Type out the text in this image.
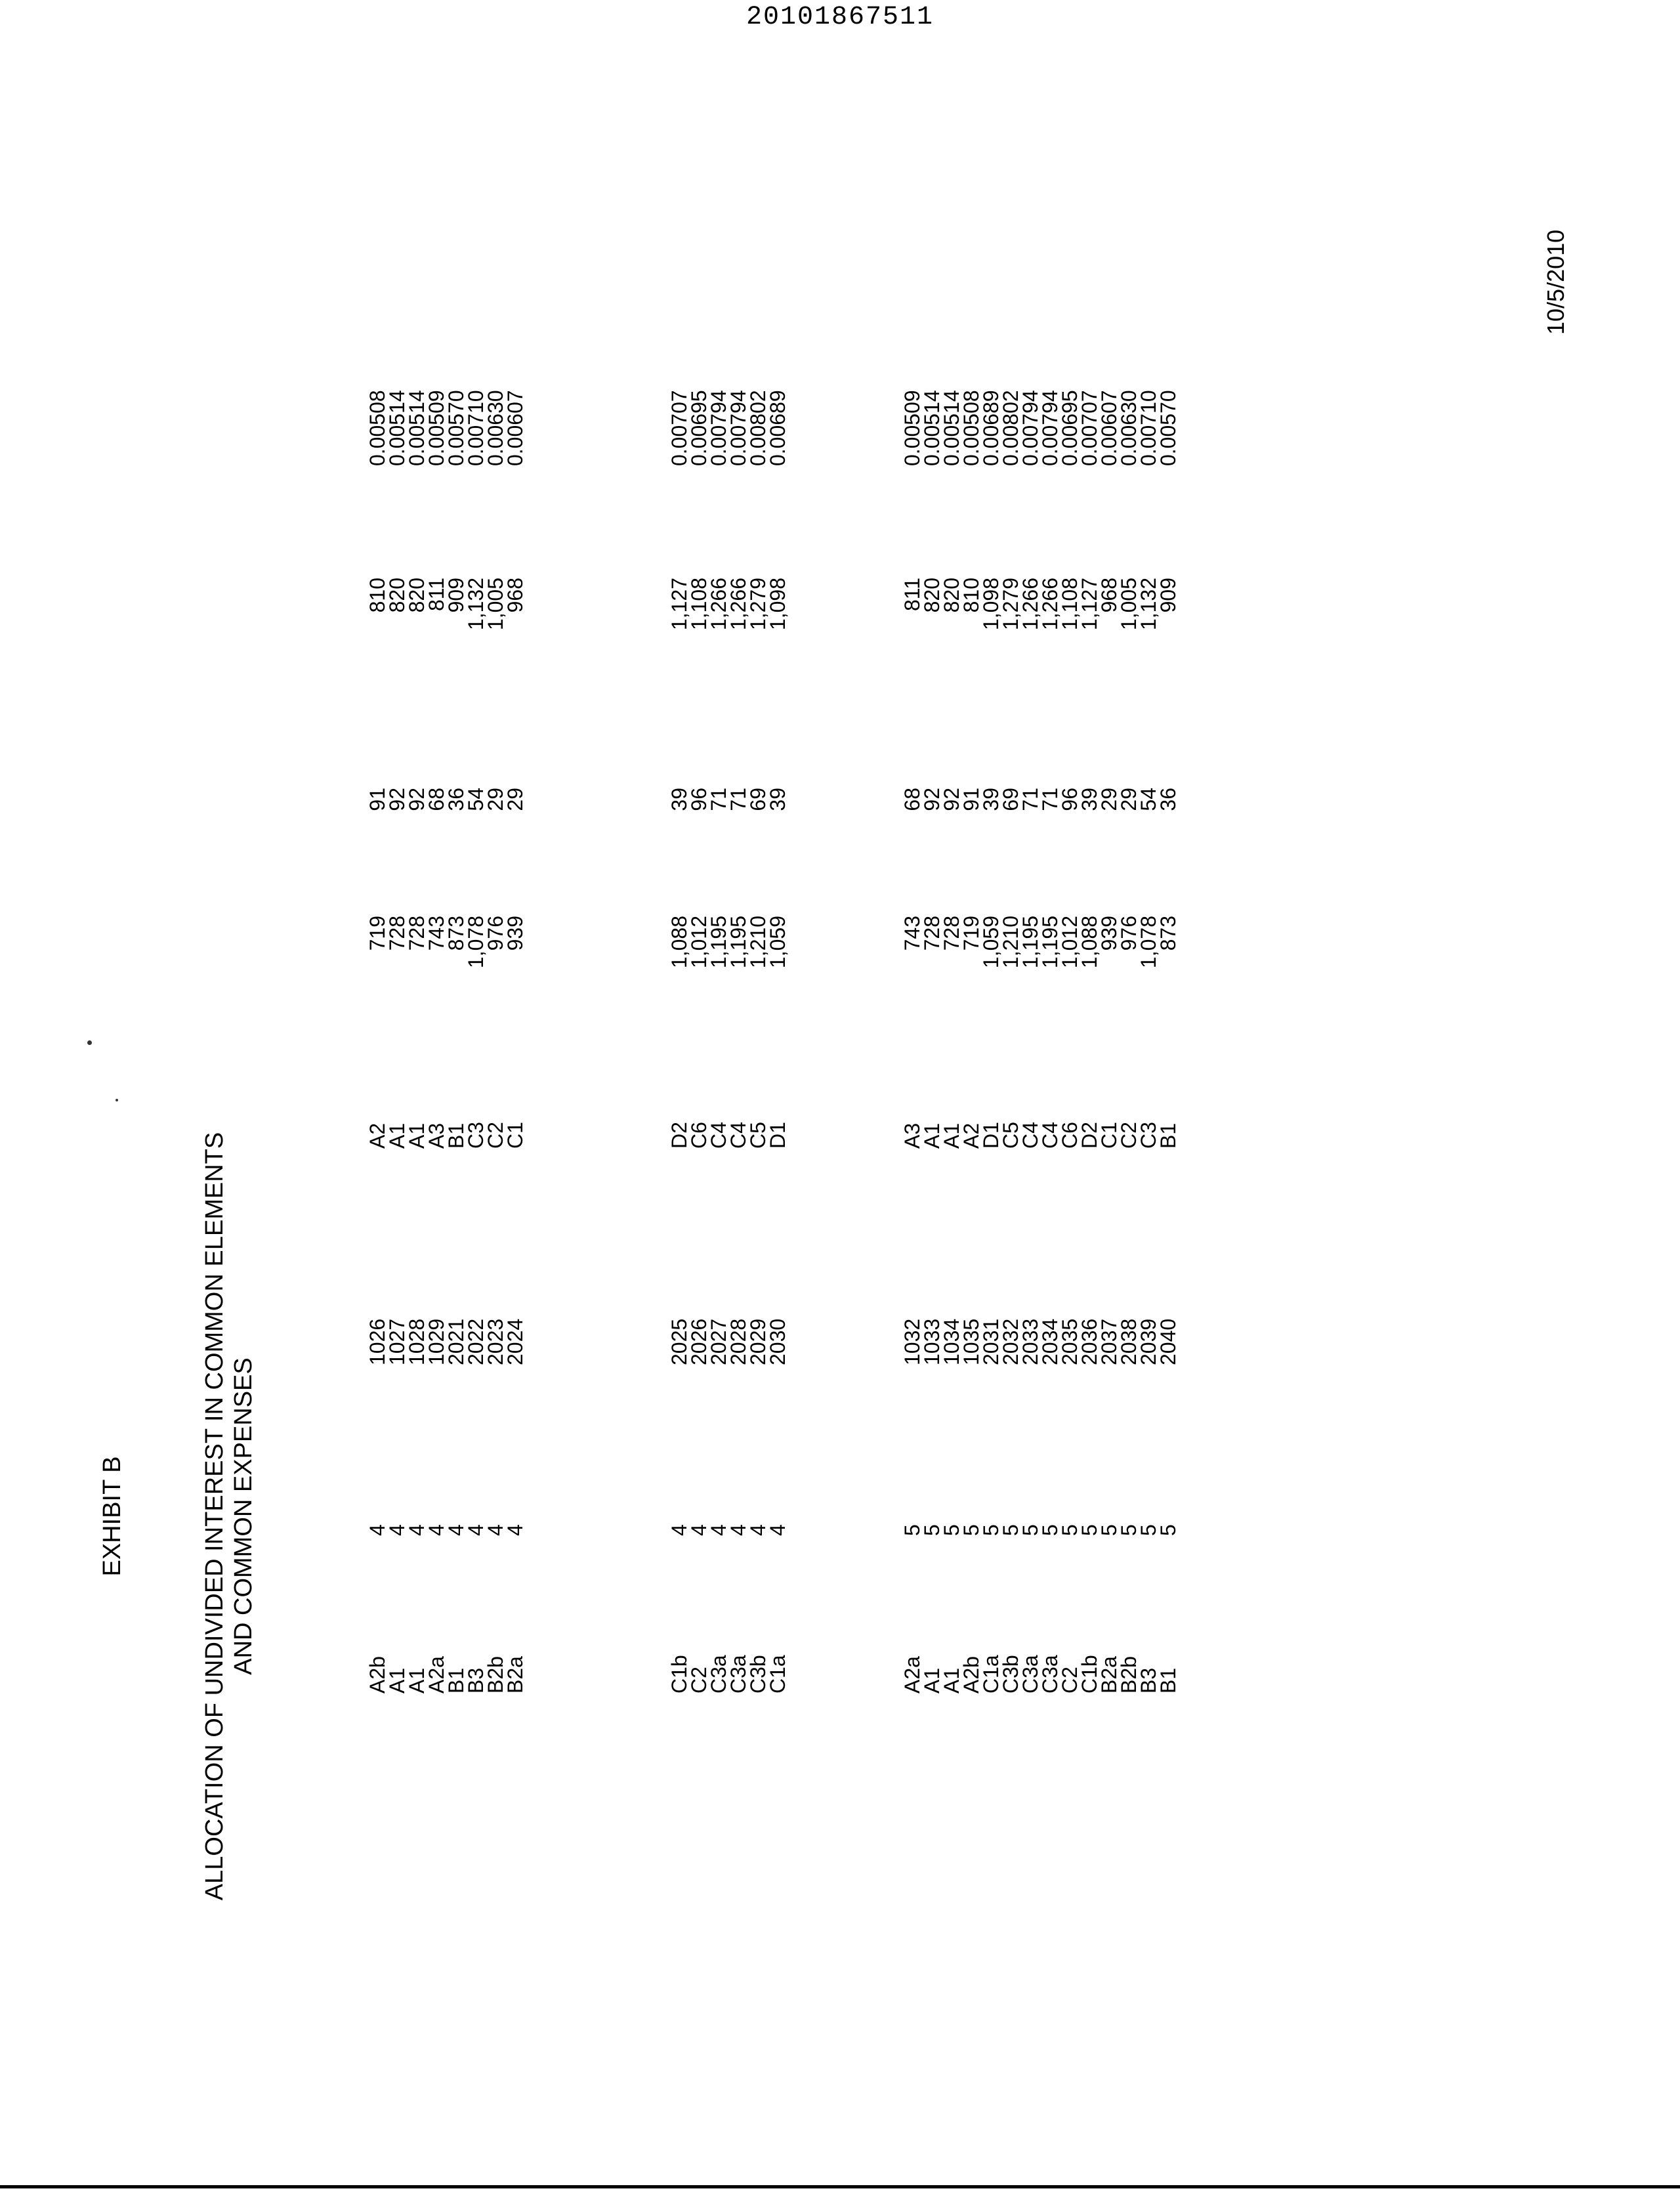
20101867511
EXHIBIT B	ALLOCATION OF UNDIVIDED INTEREST IN COMMON ELEMENTS AND COMMON EXPENSES	A2b
4
1026
A2
719
91
810
0.00508
A1
4
1027
A1
728
92
820
0.00514
A1
4
1028
A1
728
92
820
0.00514
A2a
4
1029
A3
743
68
811
0.00509
B1
4
2021
B1
873
36
909
0.00570
B3
4
2022
C3
1,078
54
1,132
0.00710
B2b
4
2023
C2
976
29
1,005
0.00630
B2a
4
2024
C1
939
29
968
0.00607
C1b
4
2025
D2
1,088
39
1,127
0.00707
C2
4
2026
C6
1,012
96
1,108
0.00695
C3a
4
2027
C4
1,195
71
1,266
0.00794
C3a
4
2028
C4
1,195
71
1,266
0.00794
C3b
4
2029
C5
1,210
69
1,279
0.00802
C1a
4
2030
D1
1,059
39
1,098
0.00689
A2a
5
1032
A3
743
68
811
0.00509
A1
5
1033
A1
728
92
820
0.00514
A1
5
1034
A1
728
92
820
0.00514
A2b
5
1035
A2
719
91
810
0.00508
C1a
5
2031
D1
1,059
39
1,098
0.00689
C3b
5
2032
C5
1,210
69
1,279
0.00802
C3a
5
2033
C4
1,195
71
1,266
0.00794
C3a
5
2034
C4
1,195
71
1,266
0.00794
C2
5
2035
C6
1,012
96
1,108
0.00695
C1b
5
2036
D2
1,088
39
1,127
0.00707
B2a
5
2037
C1
939
29
968
0.00607
B2b
5
2038
C2
976
29
1,005
0.00630
B3
5
2039
C3
1,078
54
1,132
0.00710
B1
5
2040
B1
873
36
909
0.00570
10/5/2010
